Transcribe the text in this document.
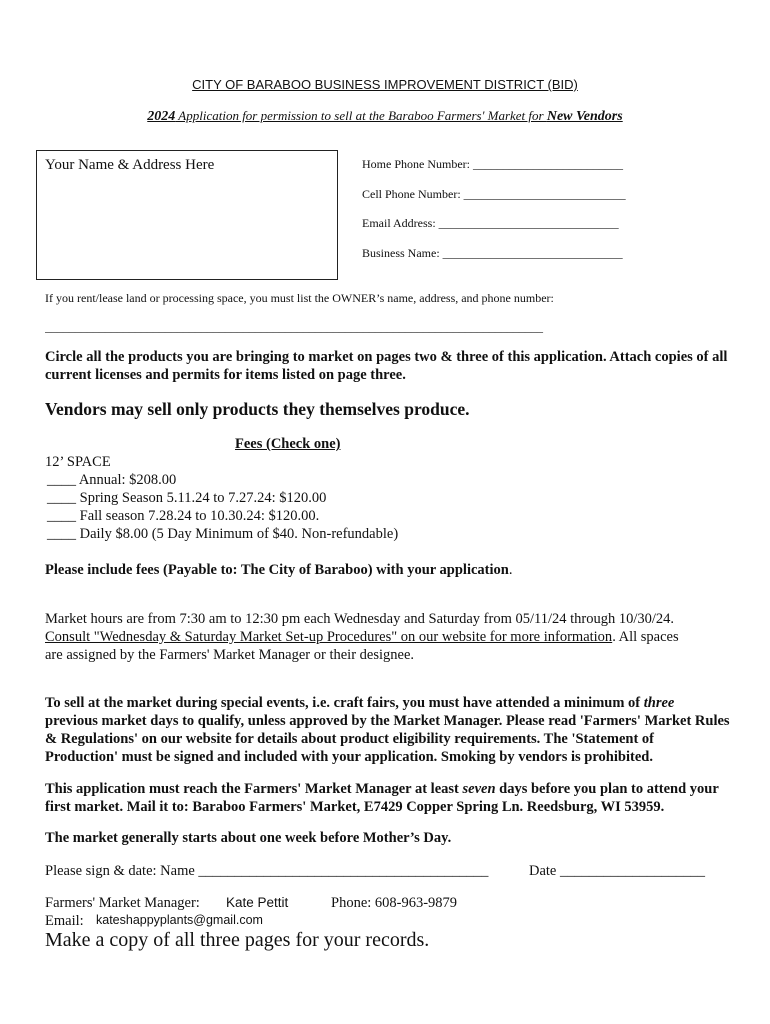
CITY OF BARABOO BUSINESS IMPROVEMENT DISTRICT (BID)
2024 Application for permission to sell at the Baraboo Farmers' Market for New Vendors
Your Name & Address Here	Home Phone Number: _________________________
Cell Phone Number: ___________________________
Email Address: ______________________________
Business Name: ______________________________
If you rent/lease land or processing space, you must list the OWNER’s name, address, and phone number:
___________________________________________________________________________________
Circle all the products you are bringing to market on pages two & three of this application. Attach copies of all current licenses and permits for items listed on page three.
Vendors may sell only products they themselves produce.
Fees (Check one)
12’ SPACE
____ Annual: $208.00
____ Spring Season 5.11.24 to 7.27.24: $120.00
____ Fall season 7.28.24 to 10.30.24: $120.00.
____ Daily $8.00 (5 Day Minimum of $40. Non-refundable)
Please include fees (Payable to: The City of Baraboo) with your application.
Market hours are from 7:30 am to 12:30 pm each Wednesday and Saturday from 05/11/24 through 10/30/24.
Consult "Wednesday & Saturday Market Set-up Procedures" on our website for more information. All spaces
are assigned by the Farmers' Market Manager or their designee.
To sell at the market during special events, i.e. craft fairs, you must have attended a minimum of three previous market days to qualify, unless approved by the Market Manager. Please read 'Farmers' Market Rules & Regulations' on our website for details about product eligibility requirements. The 'Statement of Production' must be signed and included with your application. Smoking by vendors is prohibited.
This application must reach the Farmers' Market Manager at least seven days before you plan to attend your first market. Mail it to: Baraboo Farmers' Market, E7429 Copper Spring Ln. Reedsburg, WI 53959.
The market generally starts about one week before Mother’s Day.
Please sign & date: Name ________________________________________	Date ____________________
Farmers' Market Manager: Kate Pettit	Phone: 608-963-9879
Email: kateshappyplants@gmail.com
Make a copy of all three pages for your records.
